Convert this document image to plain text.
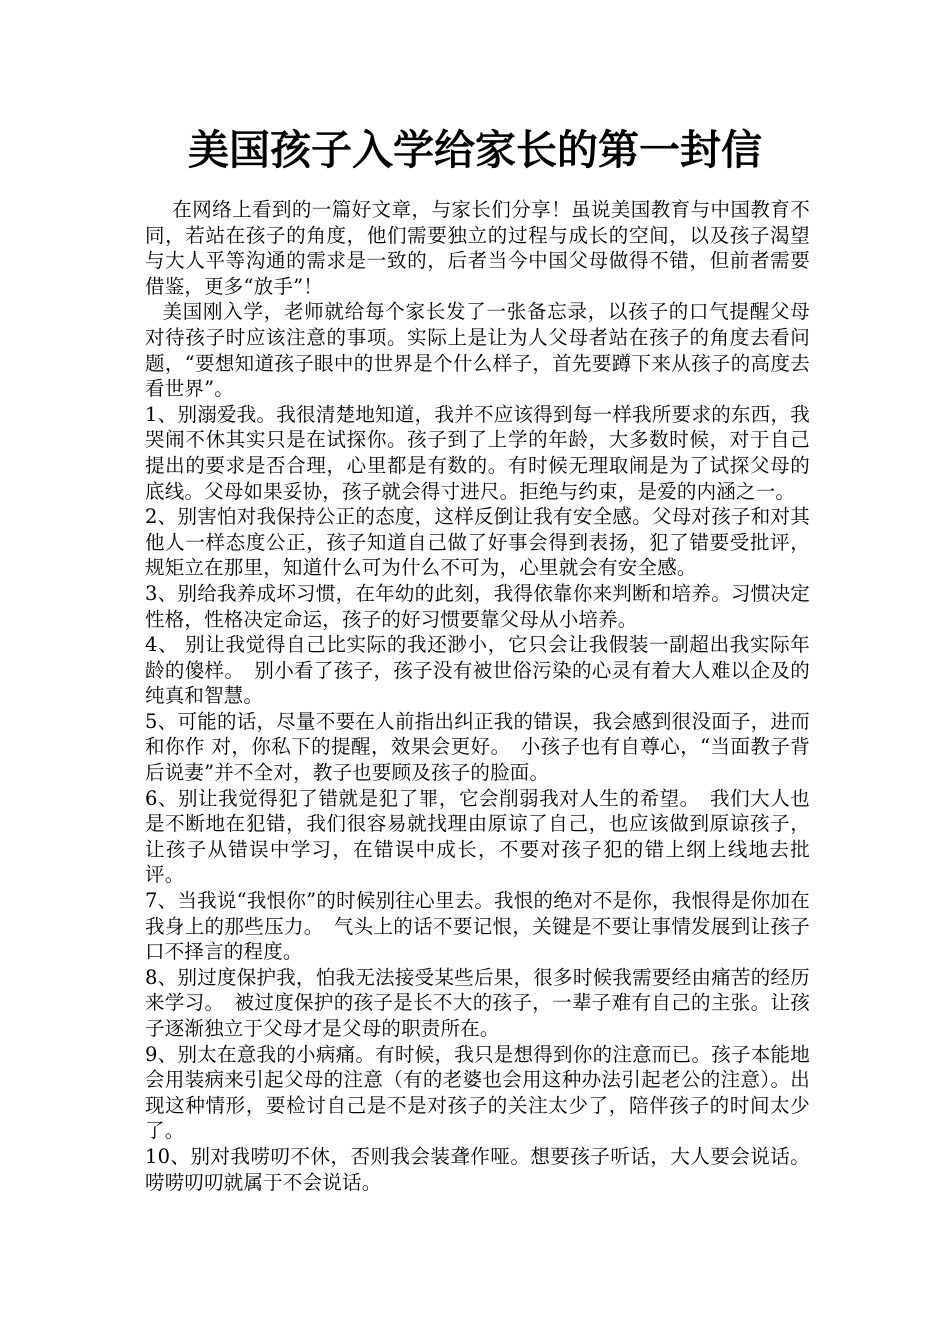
美国孩子入学给家长的第一封信

在网络上看到的一篇好文章，与家长们分享！虽说美国教育与中国教育不同，若站在孩子的角度，他们需要独立的过程与成长的空间，以及孩子渴望与大人平等沟通的需求是一致的，后者当今中国父母做得不错，但前者需要借鉴，更多“放手”！

美国刚入学，老师就给每个家长发了一张备忘录，以孩子的口气提醒父母对待孩子时应该注意的事项。实际上是让为人父母者站在孩子的角度去看问题，“要想知道孩子眼中的世界是个什么样子，首先要蹲下来从孩子的高度去看世界”。

1、别溺爱我。我很清楚地知道，我并不应该得到每一样我所要求的东西，我哭闹不休其实只是在试探你。孩子到了上学的年龄，大多数时候，对于自己提出的要求是否合理，心里都是有数的。有时候无理取闹是为了试探父母的底线。父母如果妥协，孩子就会得寸进尺。拒绝与约束，是爱的内涵之一。

2、别害怕对我保持公正的态度，这样反倒让我有安全感。父母对孩子和对其他人一样态度公正，孩子知道自己做了好事会得到表扬，犯了错要受批评，规矩立在那里，知道什么可为什么不可为，心里就会有安全感。

3、别给我养成坏习惯，在年幼的此刻，我得依靠你来判断和培养。习惯决定性格，性格决定命运，孩子的好习惯要靠父母从小培养。

4、 别让我觉得自己比实际的我还渺小，它只会让我假装一副超出我实际年龄的傻样。　别小看了孩子，孩子没有被世俗污染的心灵有着大人难以企及的纯真和智慧。

5、可能的话，尽量不要在人前指出纠正我的错误，我会感到很没面子，进而和你作 对，你私下的提醒，效果会更好。　小孩子也有自尊心，“当面教子背后说妻”并不全对，教子也要顾及孩子的脸面。

6、别让我觉得犯了错就是犯了罪，它会削弱我对人生的希望。　我们大人也是不断地在犯错，我们很容易就找理由原谅了自己，也应该做到原谅孩子，让孩子从错误中学习，在错误中成长，不要对孩子犯的错上纲上线地去批评。

7、当我说“我恨你”的时候别往心里去。我恨的绝对不是你，我恨得是你加在我身上的那些压力。　气头上的话不要记恨，关键是不要让事情发展到让孩子口不择言的程度。

8、别过度保护我，怕我无法接受某些后果，很多时候我需要经由痛苦的经历来学习。　被过度保护的孩子是长不大的孩子，一辈子难有自己的主张。让孩子逐渐独立于父母才是父母的职责所在。

9、别太在意我的小病痛。有时候，我只是想得到你的注意而已。孩子本能地会用装病来引起父母的注意（有的老婆也会用这种办法引起老公的注意）。出现这种情形，要检讨自己是不是对孩子的关注太少了，陪伴孩子的时间太少了。

10、别对我唠叨不休，否则我会装聋作哑。想要孩子听话，大人要会说话。唠唠叨叨就属于不会说话。
